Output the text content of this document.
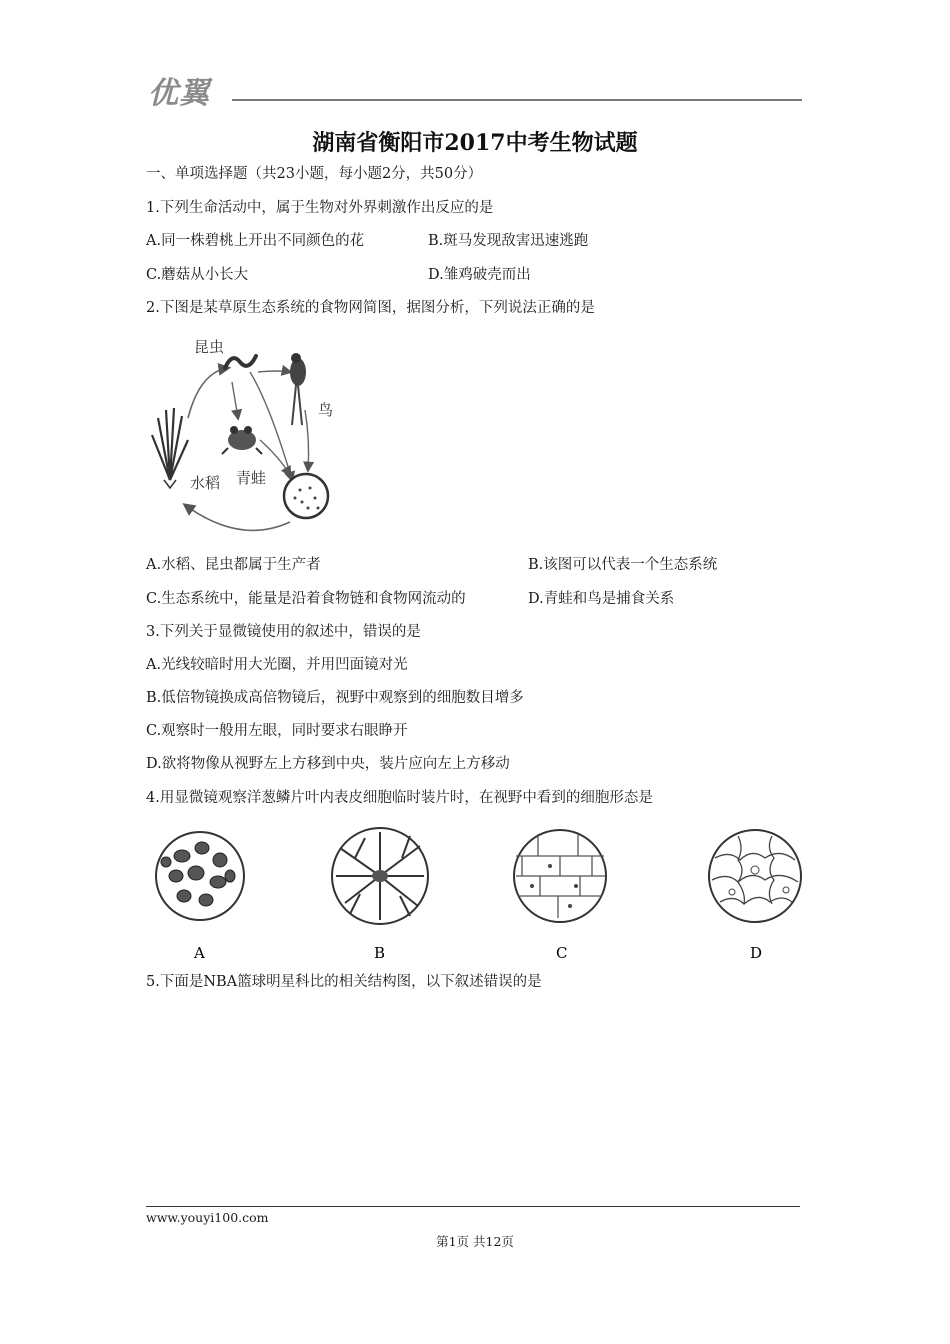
优翼
湖南省衡阳市2017中考生物试题
一、单项选择题（共23小题，每小题2分，共50分）
1.下列生命活动中，属于生物对外界刺激作出反应的是
A.同一株碧桃上开出不同颜色的花	B.斑马发现敌害迅速逃跑
C.蘑菇从小长大	D.雏鸡破壳而出
2.下图是某草原生态系统的食物网简图，据图分析，下列说法正确的是
昆虫
鸟
水稻 青蛙
A.水稻、昆虫都属于生产者	B.该图可以代表一个生态系统
C.生态系统中，能量是沿着食物链和食物网流动的	D.青蛙和鸟是捕食关系
3.下列关于显微镜使用的叙述中，错误的是
A.光线较暗时用大光圈，并用凹面镜对光
B.低倍物镜换成高倍物镜后，视野中观察到的细胞数目增多
C.观察时一般用左眼，同时要求右眼睁开
D.欲将物像从视野左上方移到中央，装片应向左上方移动
4.用显微镜观察洋葱鳞片叶内表皮细胞临时装片时，在视野中看到的细胞形态是
A	B	C	D
5.下面是NBA篮球明星科比的相关结构图，以下叙述错误的是
www.youyi100.com
第1页 共12页
